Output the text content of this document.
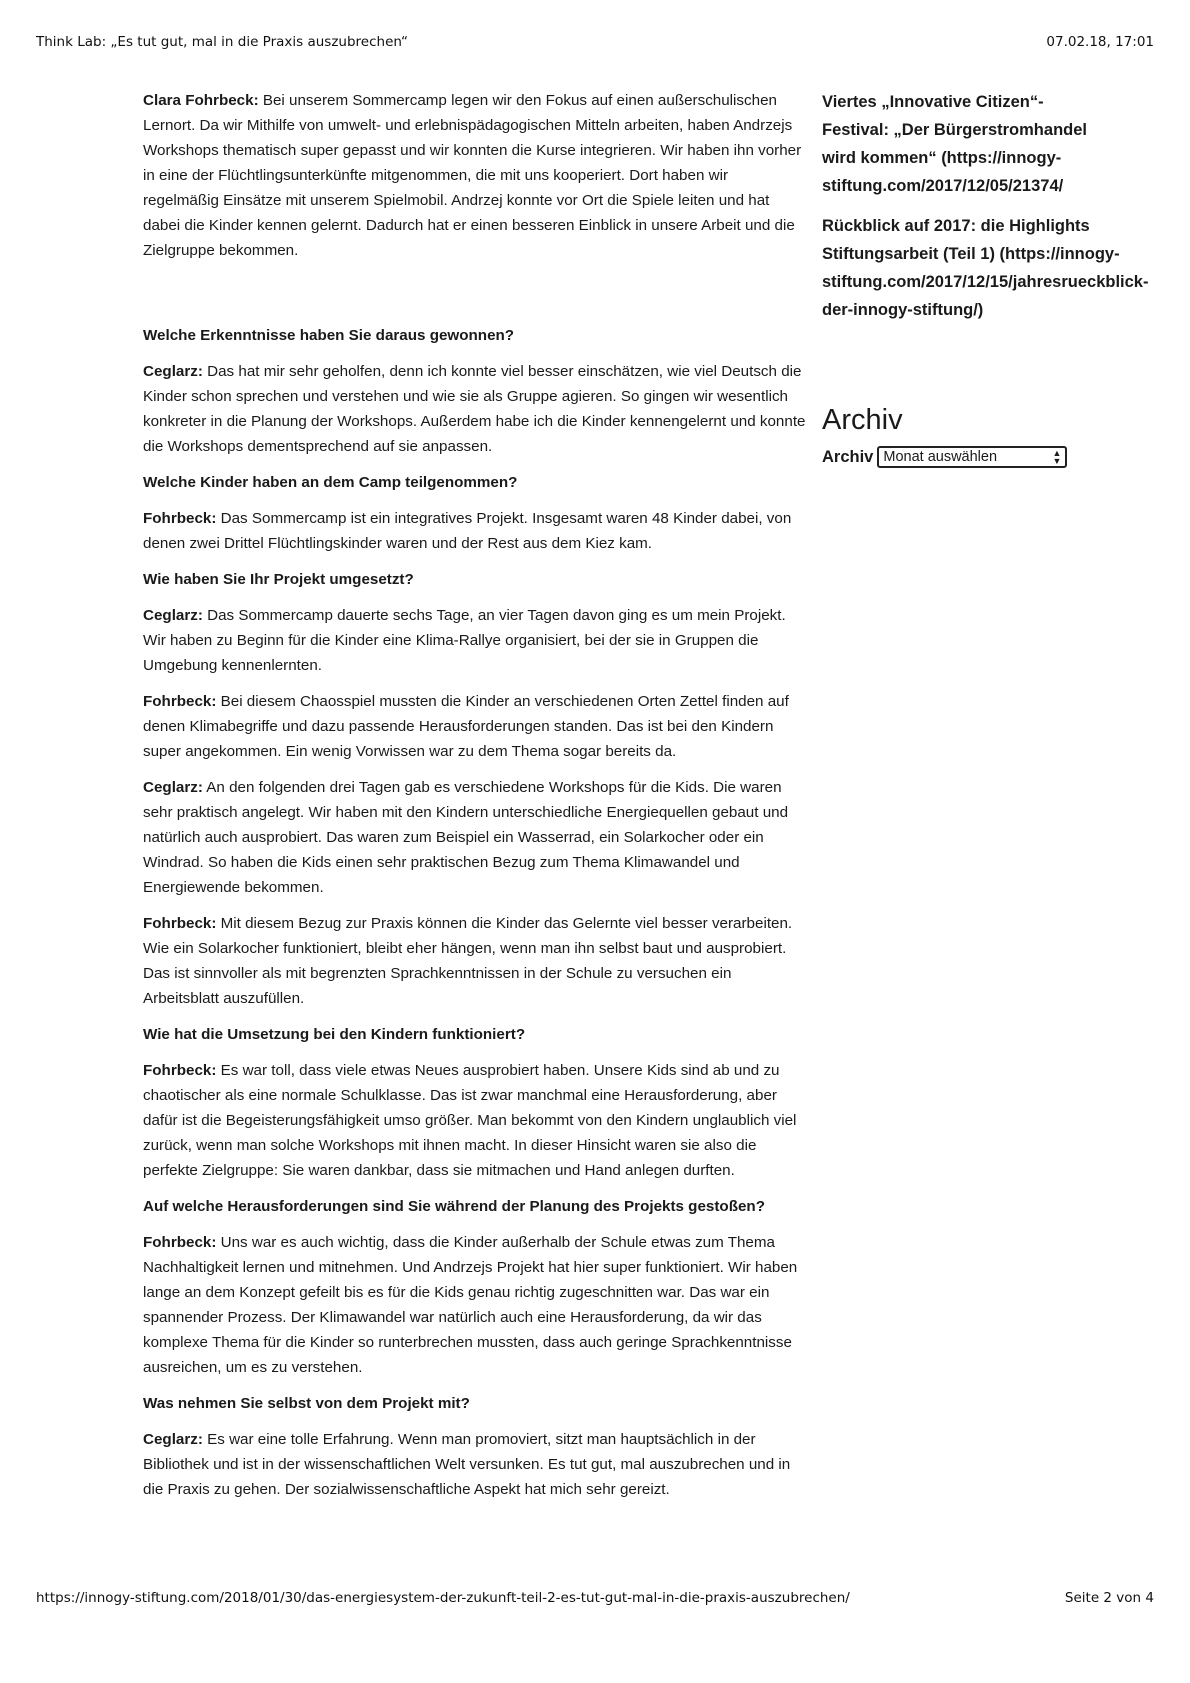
Think Lab: „Es tut gut, mal in die Praxis auszubrechen“	07.02.18, 17:01

Clara Fohrbeck: Bei unserem Sommercamp legen wir den Fokus auf einen außerschulischen Lernort. Da wir Mithilfe von umwelt- und erlebnispädagogischen Mitteln arbeiten, haben Andrzejs Workshops thematisch super gepasst und wir konnten die Kurse integrieren. Wir haben ihn vorher in eine der Flüchtlingsunterkünfte mitgenommen, die mit uns kooperiert. Dort haben wir regelmäßig Einsätze mit unserem Spielmobil. Andrzej konnte vor Ort die Spiele leiten und hat dabei die Kinder kennen gelernt. Dadurch hat er einen besseren Einblick in unsere Arbeit und die Zielgruppe bekommen.

Welche Erkenntnisse haben Sie daraus gewonnen?

Ceglarz: Das hat mir sehr geholfen, denn ich konnte viel besser einschätzen, wie viel Deutsch die Kinder schon sprechen und verstehen und wie sie als Gruppe agieren. So gingen wir wesentlich konkreter in die Planung der Workshops. Außerdem habe ich die Kinder kennengelernt und konnte die Workshops dementsprechend auf sie anpassen.

Welche Kinder haben an dem Camp teilgenommen?

Fohrbeck: Das Sommercamp ist ein integratives Projekt. Insgesamt waren 48 Kinder dabei, von denen zwei Drittel Flüchtlingskinder waren und der Rest aus dem Kiez kam.

Wie haben Sie Ihr Projekt umgesetzt?

Ceglarz: Das Sommercamp dauerte sechs Tage, an vier Tagen davon ging es um mein Projekt. Wir haben zu Beginn für die Kinder eine Klima-Rallye organisiert, bei der sie in Gruppen die Umgebung kennenlernten.

Fohrbeck: Bei diesem Chaosspiel mussten die Kinder an verschiedenen Orten Zettel finden auf denen Klimabegriffe und dazu passende Herausforderungen standen. Das ist bei den Kindern super angekommen. Ein wenig Vorwissen war zu dem Thema sogar bereits da.

Ceglarz: An den folgenden drei Tagen gab es verschiedene Workshops für die Kids. Die waren sehr praktisch angelegt. Wir haben mit den Kindern unterschiedliche Energiequellen gebaut und natürlich auch ausprobiert. Das waren zum Beispiel ein Wasserrad, ein Solarkocher oder ein Windrad. So haben die Kids einen sehr praktischen Bezug zum Thema Klimawandel und Energiewende bekommen.

Fohrbeck: Mit diesem Bezug zur Praxis können die Kinder das Gelernte viel besser verarbeiten. Wie ein Solarkocher funktioniert, bleibt eher hängen, wenn man ihn selbst baut und ausprobiert. Das ist sinnvoller als mit begrenzten Sprachkenntnissen in der Schule zu versuchen ein Arbeitsblatt auszufüllen.

Wie hat die Umsetzung bei den Kindern funktioniert?

Fohrbeck: Es war toll, dass viele etwas Neues ausprobiert haben. Unsere Kids sind ab und zu chaotischer als eine normale Schulklasse. Das ist zwar manchmal eine Herausforderung, aber dafür ist die Begeisterungsfähigkeit umso größer. Man bekommt von den Kindern unglaublich viel zurück, wenn man solche Workshops mit ihnen macht. In dieser Hinsicht waren sie also die perfekte Zielgruppe: Sie waren dankbar, dass sie mitmachen und Hand anlegen durften.

Auf welche Herausforderungen sind Sie während der Planung des Projekts gestoßen?

Fohrbeck: Uns war es auch wichtig, dass die Kinder außerhalb der Schule etwas zum Thema Nachhaltigkeit lernen und mitnehmen. Und Andrzejs Projekt hat hier super funktioniert. Wir haben lange an dem Konzept gefeilt bis es für die Kids genau richtig zugeschnitten war. Das war ein spannender Prozess. Der Klimawandel war natürlich auch eine Herausforderung, da wir das komplexe Thema für die Kinder so runterbrechen mussten, dass auch geringe Sprachkenntnisse ausreichen, um es zu verstehen.

Was nehmen Sie selbst von dem Projekt mit?

Ceglarz: Es war eine tolle Erfahrung. Wenn man promoviert, sitzt man hauptsächlich in der Bibliothek und ist in der wissenschaftlichen Welt versunken. Es tut gut, mal auszubrechen und in die Praxis zu gehen. Der sozialwissenschaftliche Aspekt hat mich sehr gereizt.

Viertes „Innovative Citizen“-
Festival: „Der Bürgerstromhandel
wird kommen“ (https://innogy-
stiftung.com/2017/12/05/21374/
Rückblick auf 2017: die Highlights
Stiftungsarbeit (Teil 1) (https://innogy-
stiftung.com/2017/12/15/jahresrueckblick-
der-innogy-stiftung/)
Archiv
Archiv Monat auswählen	▲
▼
https://innogy-stiftung.com/2018/01/30/das-energiesystem-der-zukunft-teil-2-es-tut-gut-mal-in-die-praxis-auszubrechen/	Seite 2 von 4
